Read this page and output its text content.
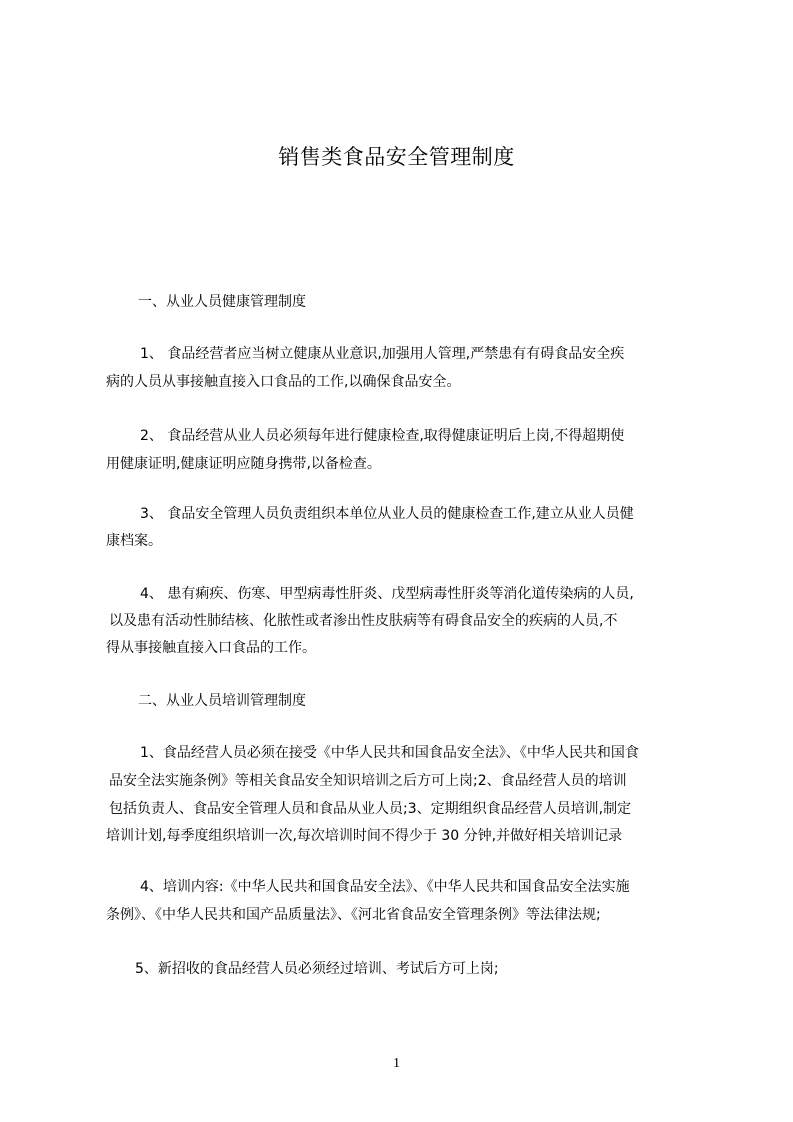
销售类食品安全管理制度
一、从业人员健康管理制度
1、 食品经营者应当树立健康从业意识,加强用人管理,严禁患有有碍食品安全疾
病的人员从事接触直接入口食品的工作,以确保食品安全。
2、 食品经营从业人员必须每年进行健康检查,取得健康证明后上岗,不得超期使
用健康证明,健康证明应随身携带,以备检查。
3、 食品安全管理人员负责组织本单位从业人员的健康检查工作,建立从业人员健
康档案。
4、 患有痢疾、伤寒、甲型病毒性肝炎、戊型病毒性肝炎等消化道传染病的人员,
以及患有活动性肺结核、化脓性或者渗出性皮肤病等有碍食品安全的疾病的人员,不
得从事接触直接入口食品的工作。
二、从业人员培训管理制度
1、食品经营人员必须在接受《中华人民共和国食品安全法》、《中华人民共和国食
品安全法实施条例》等相关食品安全知识培训之后方可上岗;2、食品经营人员的培训
包括负责人、食品安全管理人员和食品从业人员;3、定期组织食品经营人员培训,制定
培训计划,每季度组织培训一次,每次培训时间不得少于 30 分钟,并做好相关培训记录
4、培训内容:《中华人民共和国食品安全法》、《中华人民共和国食品安全法实施
条例》、《中华人民共和国产品质量法》、《河北省食品安全管理条例》等法律法规;
5、新招收的食品经营人员必须经过培训、考试后方可上岗;
1
